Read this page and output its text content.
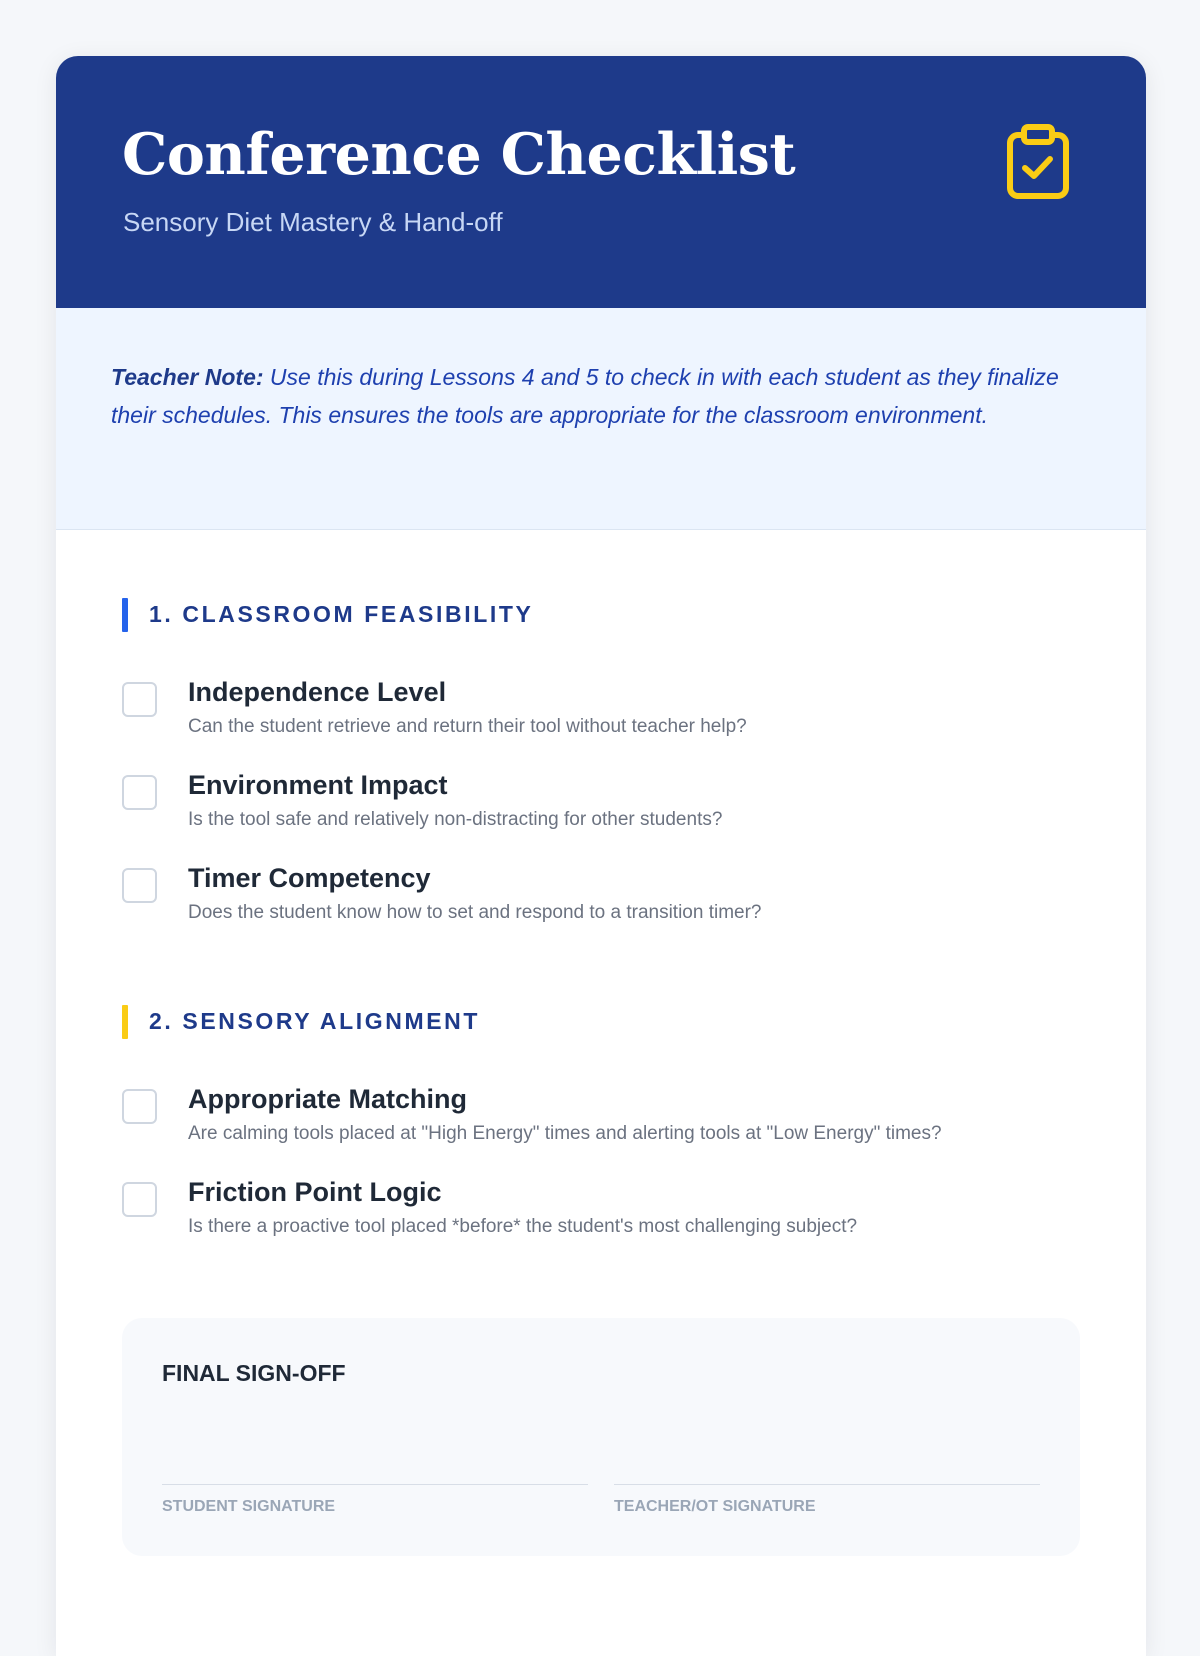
Conference Checklist
Sensory Diet Mastery & Hand-off

Teacher Note: Use this during Lessons 4 and 5 to check in with each student as they finalize their schedules. This ensures the tools are appropriate for the classroom environment.

1. CLASSROOM FEASIBILITY
Independence Level
Can the student retrieve and return their tool without teacher help?
Environment Impact
Is the tool safe and relatively non-distracting for other students?
Timer Competency
Does the student know how to set and respond to a transition timer?
2. SENSORY ALIGNMENT
Appropriate Matching
Are calming tools placed at "High Energy" times and alerting tools at "Low Energy" times?
Friction Point Logic
Is there a proactive tool placed *before* the student's most challenging subject?
FINAL SIGN-OFF
STUDENT SIGNATURE	TEACHER/OT SIGNATURE
